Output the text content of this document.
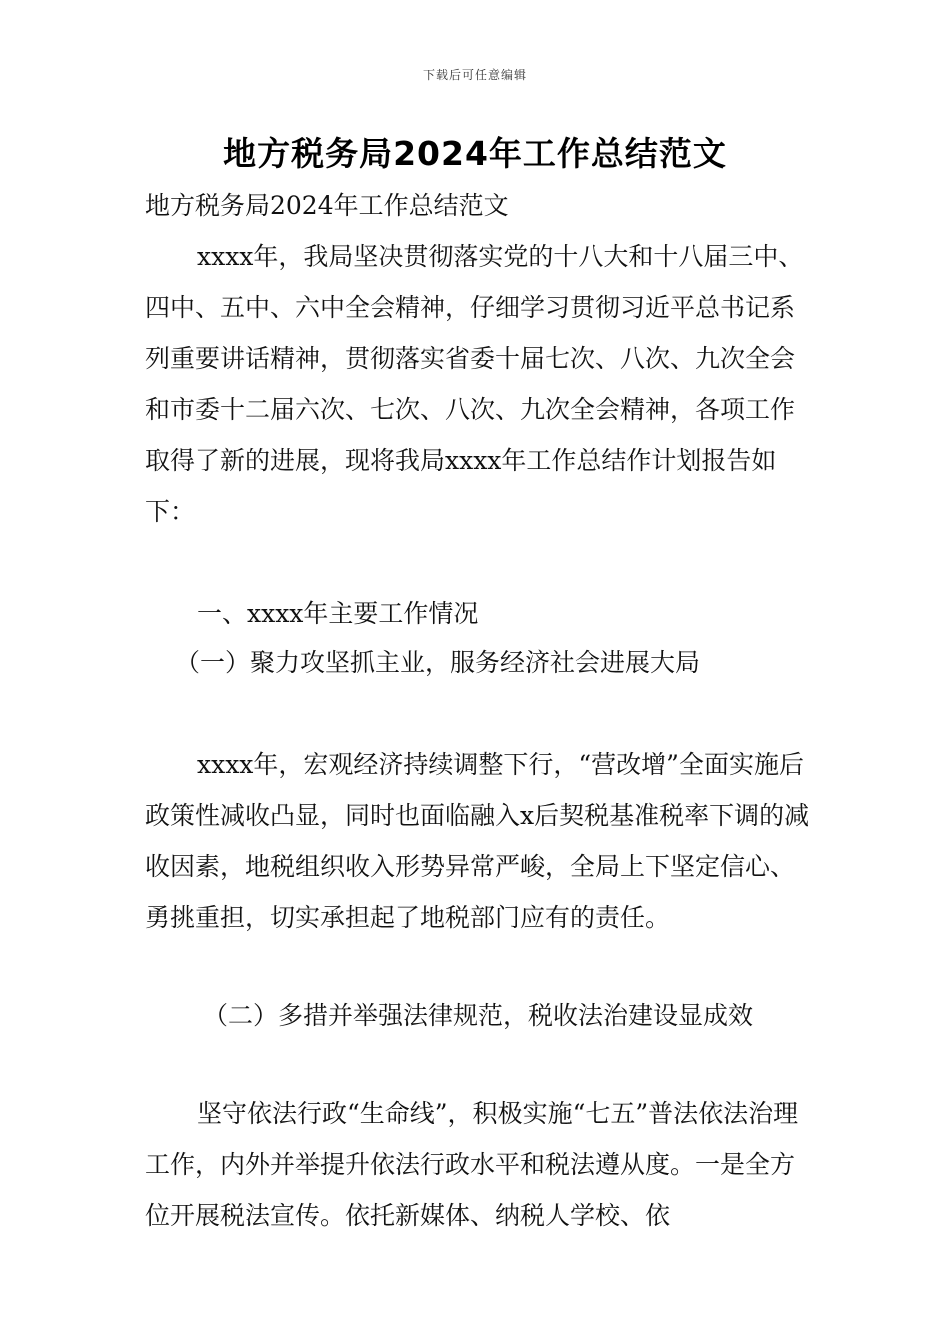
下载后可任意编辑
地方税务局2024年工作总结范文

地方税务局2024年工作总结范文

xxxx年，我局坚决贯彻落实党的十八大和十八届三中、四中、五中、六中全会精神，仔细学习贯彻习近平总书记系列重要讲话精神，贯彻落实省委十届七次、八次、九次全会和市委十二届六次、七次、八次、九次全会精神，各项工作取得了新的进展，现将我局xxxx年工作总结作计划报告如下：

一、xxxx年主要工作情况

（一）聚力攻坚抓主业，服务经济社会进展大局

xxxx年，宏观经济持续调整下行，“营改增”全面实施后政策性减收凸显，同时也面临融入x后契税基准税率下调的减收因素，地税组织收入形势异常严峻，全局上下坚定信心、勇挑重担，切实承担起了地税部门应有的责任。

（二）多措并举强法律规范，税收法治建设显成效

坚守依法行政“生命线”，积极实施“七五”普法依法治理工作，内外并举提升依法行政水平和税法遵从度。一是全方位开展税法宣传。依托新媒体、纳税人学校、依
